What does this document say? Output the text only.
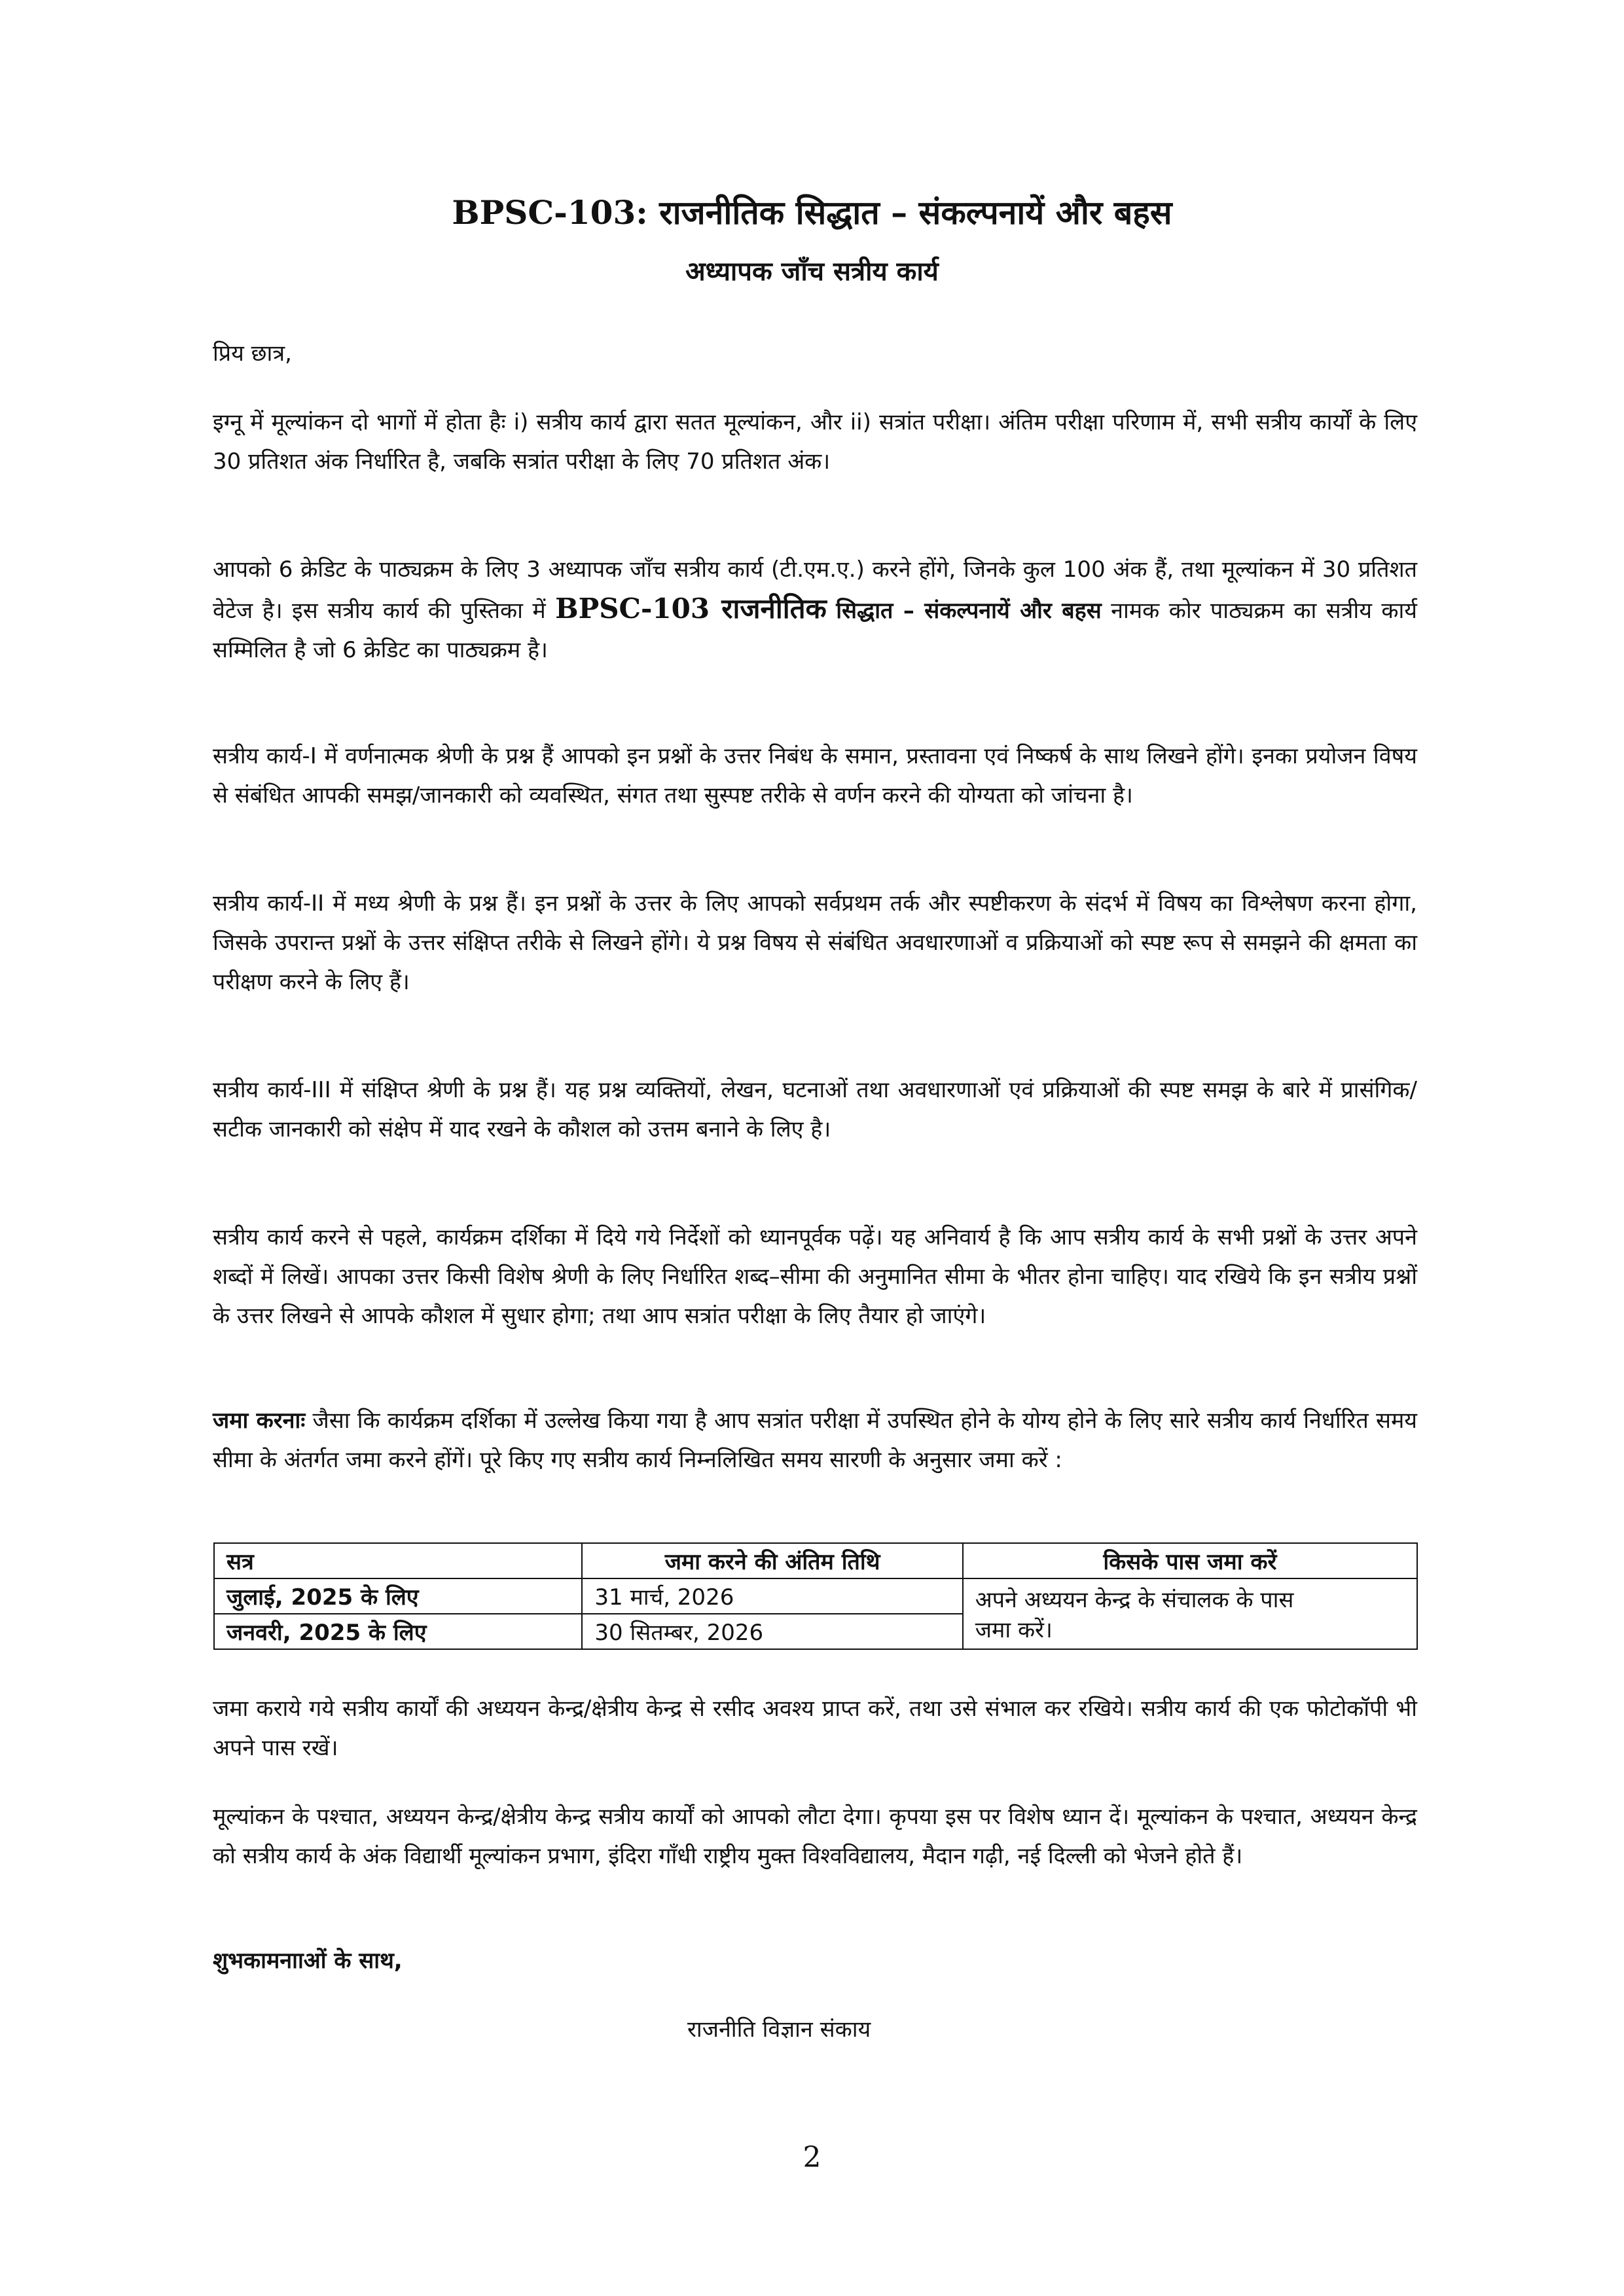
BPSC-103: राजनीतिक सिद्धात – संकल्पनायें और बहस
अध्यापक जाँच सत्रीय कार्य
प्रिय छात्र,
इग्नू में मूल्यांकन दो भागों में होता हैः i) सत्रीय कार्य द्वारा सतत मूल्यांकन, और ii) सत्रांत परीक्षा। अंतिम परीक्षा परिणाम में, सभी सत्रीय कार्यों के लिए 30 प्रतिशत अंक निर्धारित है, जबकि सत्रांत परीक्षा के लिए 70 प्रतिशत अंक।
आपको 6 क्रेडिट के पाठ्यक्रम के लिए 3 अध्यापक जाँच सत्रीय कार्य (टी.एम.ए.) करने होंगे, जिनके कुल 100 अंक हैं, तथा मूल्यांकन में 30 प्रतिशत वेटेज है। इस सत्रीय कार्य की पुस्तिका में BPSC-103 राजनीतिक सिद्धात – संकल्पनायें और बहस नामक कोर पाठ्यक्रम का सत्रीय कार्य सम्मिलित है जो 6 क्रेडिट का पाठ्यक्रम है।
सत्रीय कार्य-I में वर्णनात्मक श्रेणी के प्रश्न हैं आपको इन प्रश्नों के उत्तर निबंध के समान, प्रस्तावना एवं निष्कर्ष के साथ लिखने होंगे। इनका प्रयोजन विषय से संबंधित आपकी समझ/जानकारी को व्यवस्थित, संगत तथा सुस्पष्ट तरीके से वर्णन करने की योग्यता को जांचना है।
सत्रीय कार्य-II में मध्य श्रेणी के प्रश्न हैं। इन प्रश्नों के उत्तर के लिए आपको सर्वप्रथम तर्क और स्पष्टीकरण के संदर्भ में विषय का विश्लेषण करना होगा, जिसके उपरान्त प्रश्नों के उत्तर संक्षिप्त तरीके से लिखने होंगे। ये प्रश्न विषय से संबंधित अवधारणाओं व प्रक्रियाओं को स्पष्ट रूप से समझने की क्षमता का परीक्षण करने के लिए हैं।
सत्रीय कार्य-III में संक्षिप्त श्रेणी के प्रश्न हैं। यह प्रश्न व्यक्तियों, लेखन, घटनाओं तथा अवधारणाओं एवं प्रक्रियाओं की स्पष्ट समझ के बारे में प्रासंगिक/सटीक जानकारी को संक्षेप में याद रखने के कौशल को उत्तम बनाने के लिए है।
सत्रीय कार्य करने से पहले, कार्यक्रम दर्शिका में दिये गये निर्देशों को ध्यानपूर्वक पढ़ें। यह अनिवार्य है कि आप सत्रीय कार्य के सभी प्रश्नों के उत्तर अपने शब्दों में लिखें। आपका उत्तर किसी विशेष श्रेणी के लिए निर्धारित शब्द–सीमा की अनुमानित सीमा के भीतर होना चाहिए। याद रखिये कि इन सत्रीय प्रश्नों के उत्तर लिखने से आपके कौशल में सुधार होगा; तथा आप सत्रांत परीक्षा के लिए तैयार हो जाएंगे।
जमा करनाः जैसा कि कार्यक्रम दर्शिका में उल्लेख किया गया है आप सत्रांत परीक्षा में उपस्थित होने के योग्य होने के लिए सारे सत्रीय कार्य निर्धारित समय सीमा के अंतर्गत जमा करने होंगें। पूरे किए गए सत्रीय कार्य निम्नलिखित समय सारणी के अनुसार जमा करें :
सत्र	जमा करने की अंतिम तिथि	किसके पास जमा करें
जुलाई, 2025 के लिए	31 मार्च, 2026	अपने अध्ययन केन्द्र के संचालक के पास
जमा करें।

जनवरी, 2025 के लिए	30 सितम्बर, 2026	
जमा कराये गये सत्रीय कार्यों की अध्ययन केन्द्र/क्षेत्रीय केन्द्र से रसीद अवश्य प्राप्त करें, तथा उसे संभाल कर रखिये। सत्रीय कार्य की एक फोटोकॉपी भी अपने पास रखें।
मूल्यांकन के पश्चात, अध्ययन केन्द्र/क्षेत्रीय केन्द्र सत्रीय कार्यों को आपको लौटा देगा। कृपया इस पर विशेष ध्यान दें। मूल्यांकन के पश्चात, अध्ययन केन्द्र को सत्रीय कार्य के अंक विद्यार्थी मूल्यांकन प्रभाग, इंदिरा गाँधी राष्ट्रीय मुक्त विश्वविद्यालय, मैदान गढ़ी, नई दिल्ली को भेजने होते हैं।
शुभकामनााओं के साथ,
राजनीति विज्ञान संकाय
2
